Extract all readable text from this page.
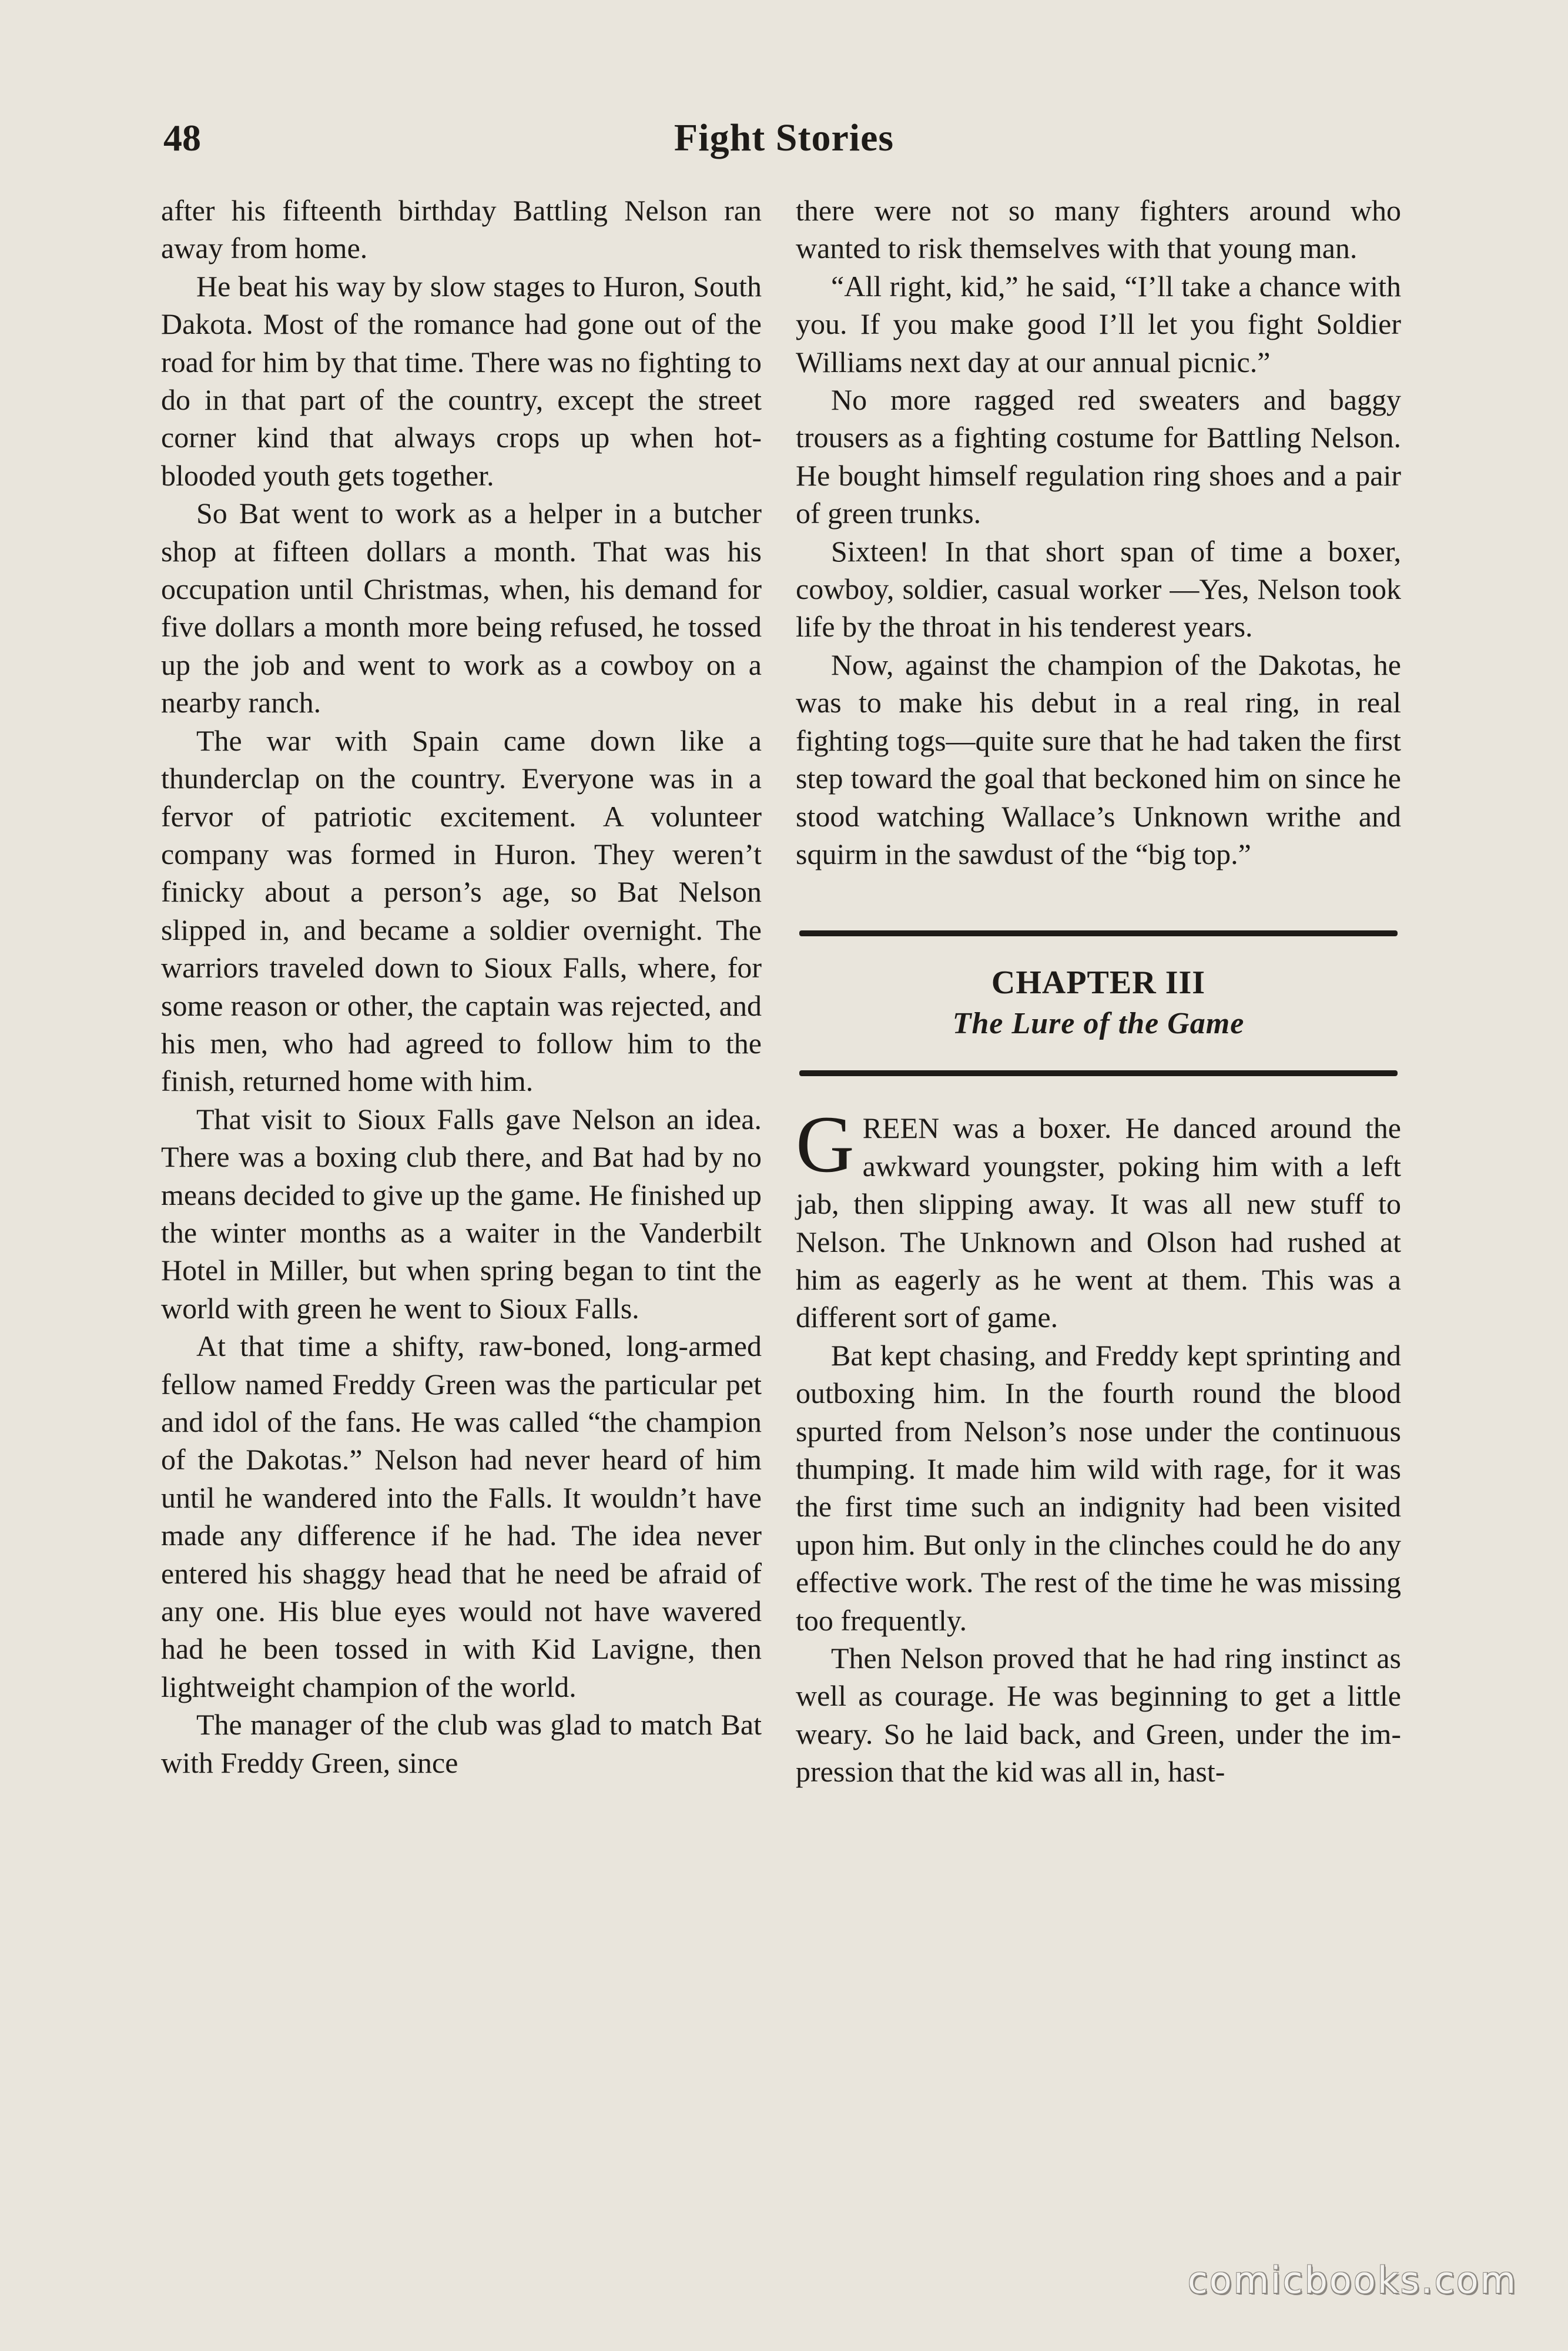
48	Fight Stories

after his fifteenth birthday Battling Nelson ran away from home.

He beat his way by slow stages to Huron, South Dakota. Most of the romance had gone out of the road for him by that time. There was no fighting to do in that part of the country, except the street corner kind that always crops up when hot-blooded youth gets together.

So Bat went to work as a helper in a butcher shop at fifteen dollars a month. That was his occupation until Christmas, when, his demand for five dollars a month more being refused, he tossed up the job and went to work as a cowboy on a nearby ranch.

The war with Spain came down like a thunderclap on the country. Everyone was in a fervor of patriotic excitement. A volunteer company was formed in Huron. They weren’t finicky about a person’s age, so Bat Nelson slipped in, and became a soldier overnight. The warriors traveled down to Sioux Falls, where, for some reason or other, the captain was rejected, and his men, who had agreed to follow him to the finish, returned home with him.

That visit to Sioux Falls gave Nelson an idea. There was a boxing club there, and Bat had by no means decided to give up the game. He finished up the winter months as a waiter in the Vanderbilt Hotel in Miller, but when spring began to tint the world with green he went to Sioux Falls.

At that time a shifty, raw-boned, long-armed fellow named Freddy Green was the particular pet and idol of the fans. He was called “the champion of the Dakotas.” Nelson had never heard of him until he wandered into the Falls. It wouldn’t have made any difference if he had. The idea never entered his shaggy head that he need be afraid of any one. His blue eyes would not have wavered had he been tossed in with Kid Lavigne, then lightweight champion of the world.

The manager of the club was glad to match Bat with Freddy Green, since

there were not so many fighters around who wanted to risk themselves with that young man.

“All right, kid,” he said, “I’ll take a chance with you. If you make good I’ll let you fight Soldier Williams next day at our annual picnic.”

No more ragged red sweaters and baggy trousers as a fighting costume for Battling Nelson. He bought himself regulation ring shoes and a pair of green trunks.

Sixteen! In that short span of time a boxer, cowboy, soldier, casual worker —Yes, Nelson took life by the throat in his tenderest years.

Now, against the champion of the Dakotas, he was to make his debut in a real ring, in real fighting togs—quite sure that he had taken the first step toward the goal that beckoned him on since he stood watching Wallace’s Unknown writhe and squirm in the sawdust of the “big top.”

CHAPTER III
The Lure of the Game

GREEN was a boxer. He danced around the awkward youngster, poking him with a left jab, then slipping away. It was all new stuff to Nelson. The Unknown and Olson had rushed at him as eagerly as he went at them. This was a different sort of game.

Bat kept chasing, and Freddy kept sprinting and outboxing him. In the fourth round the blood spurted from Nelson’s nose under the continuous thumping. It made him wild with rage, for it was the first time such an indignity had been visited upon him. But only in the clinches could he do any effective work. The rest of the time he was missing too frequently.

Then Nelson proved that he had ring instinct as well as courage. He was beginning to get a little weary. So he laid back, and Green, under the impression that the kid was all in, hast-

comicbooks.com
